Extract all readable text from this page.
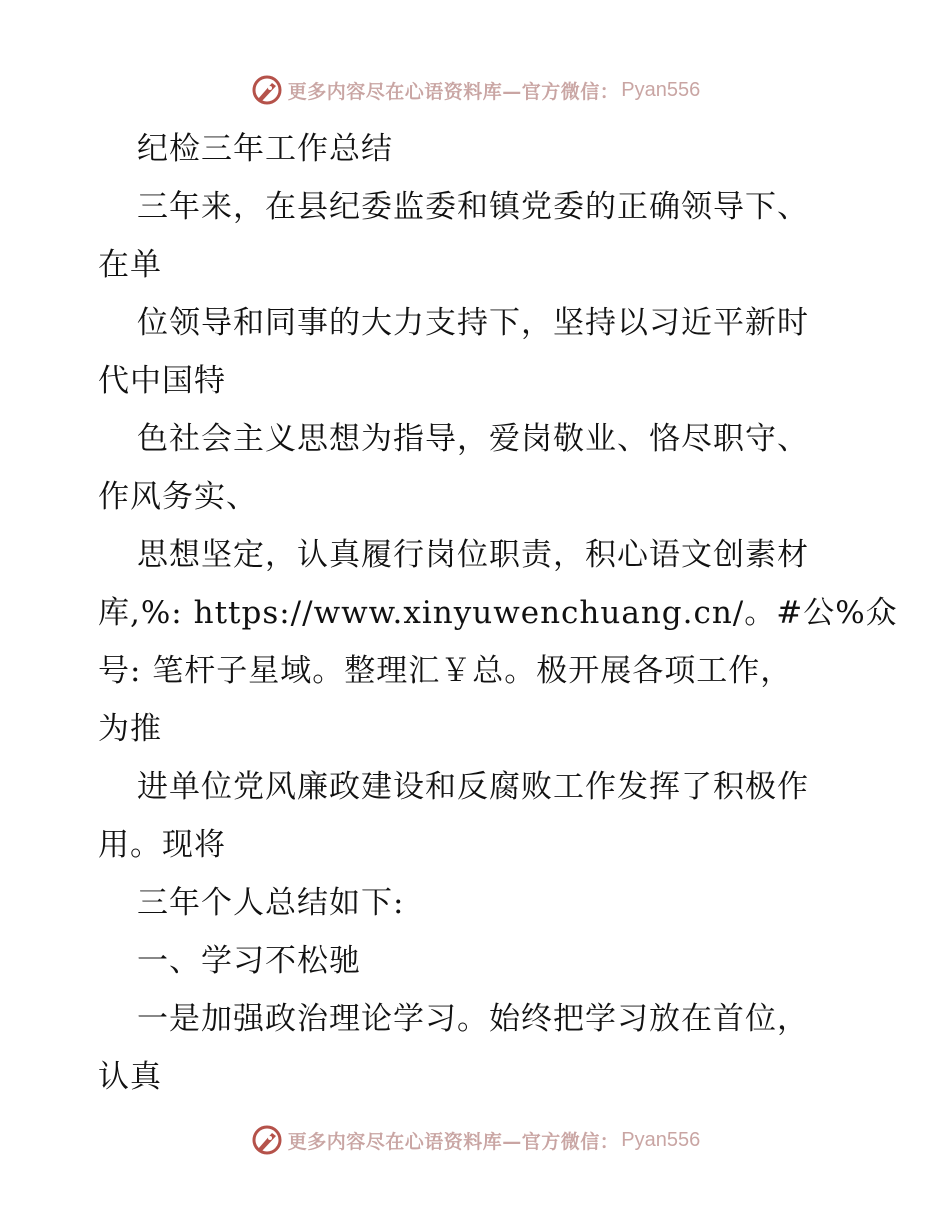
更多内容尽在心语资料库—官方微信： Pyan556
纪检三年工作总结
三年来，在县纪委监委和镇党委的正确领导下、
在单
位领导和同事的大力支持下，坚持以习近平新时
代中国特
色社会主义思想为指导，爱岗敬业、恪尽职守、
作风务实、
思想坚定，认真履行岗位职责，积心语文创素材
库,%: https://www.xinyuwenchuang.cn/。#公%众
号: 笔杆子星域。整理汇￥总。极开展各项工作，
为推
进单位党风廉政建设和反腐败工作发挥了积极作
用。现将
三年个人总结如下:
一、学习不松驰
一是加强政治理论学习。始终把学习放在首位，
认真
更多内容尽在心语资料库—官方微信： Pyan556
